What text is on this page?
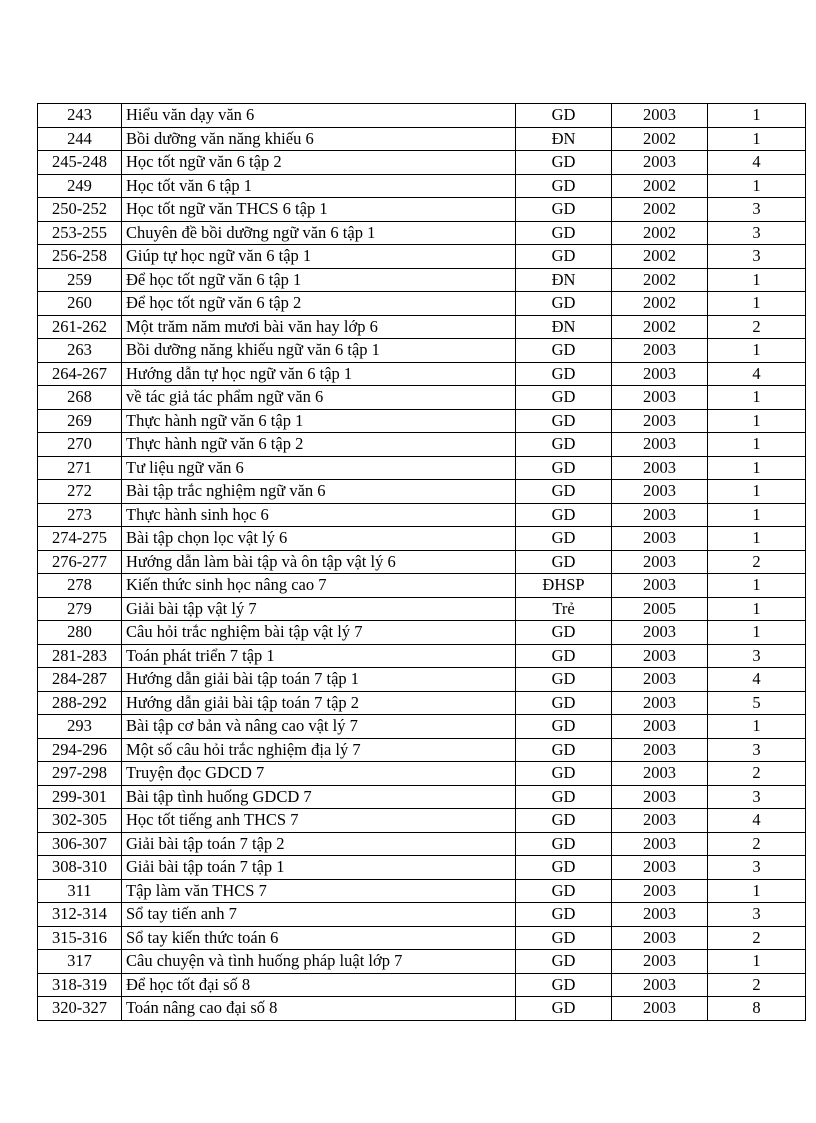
243	Hiểu văn dạy văn 6	GD	2003	1
244	Bồi dưỡng văn năng khiếu 6	ĐN	2002	1
245-248	Học tốt ngữ văn 6 tập 2	GD	2003	4
249	Học tốt văn 6 tập 1	GD	2002	1
250-252	Học tốt ngữ văn THCS 6 tập 1	GD	2002	3
253-255	Chuyên đề bồi dưỡng ngữ văn 6 tập 1	GD	2002	3
256-258	Giúp tự học ngữ văn 6 tập 1	GD	2002	3
259	Để học tốt ngữ văn 6 tập 1	ĐN	2002	1
260	Để học tốt ngữ văn 6 tập 2	GD	2002	1
261-262	Một trăm năm mươi bài văn hay lớp 6	ĐN	2002	2
263	Bồi dưỡng năng khiếu ngữ văn 6 tập 1	GD	2003	1
264-267	Hướng dẫn tự học ngữ văn 6 tập 1	GD	2003	4
268	về tác giả tác phẩm ngữ văn 6	GD	2003	1
269	Thực hành ngữ văn 6 tập 1	GD	2003	1
270	Thực hành ngữ văn 6 tập 2	GD	2003	1
271	Tư liệu ngữ văn 6	GD	2003	1
272	Bài tập trắc nghiệm ngữ văn 6	GD	2003	1
273	Thực hành sinh học 6	GD	2003	1
274-275	Bài tập chọn lọc vật lý 6	GD	2003	1
276-277	Hướng dẫn làm bài tập và ôn tập vật lý 6	GD	2003	2
278	Kiến thức sinh học nâng cao 7	ĐHSP	2003	1
279	Giải bài tập vật lý 7	Trẻ	2005	1
280	Câu hỏi trắc nghiệm bài tập vật lý 7	GD	2003	1
281-283	Toán phát triển 7 tập 1	GD	2003	3
284-287	Hướng dẫn giải bài tập toán 7 tập 1	GD	2003	4
288-292	Hướng dẫn giải bài tập toán 7 tập 2	GD	2003	5
293	Bài tập cơ bản và nâng cao vật lý 7	GD	2003	1
294-296	Một số câu hỏi trắc nghiệm địa lý 7	GD	2003	3
297-298	Truyện đọc GDCD 7	GD	2003	2
299-301	Bài tập tình huống GDCD 7	GD	2003	3
302-305	Học tốt tiếng anh THCS 7	GD	2003	4
306-307	Giải bài tập toán 7 tập 2	GD	2003	2
308-310	Giải bài tập toán 7 tập 1	GD	2003	3
311	Tập làm văn THCS 7	GD	2003	1
312-314	Sổ tay tiến anh 7	GD	2003	3
315-316	Sổ tay kiến thức toán 6	GD	2003	2
317	Câu chuyện và tình huống pháp luật lớp 7	GD	2003	1
318-319	Để học tốt đại số 8	GD	2003	2
320-327	Toán nâng cao đại số 8	GD	2003	8
